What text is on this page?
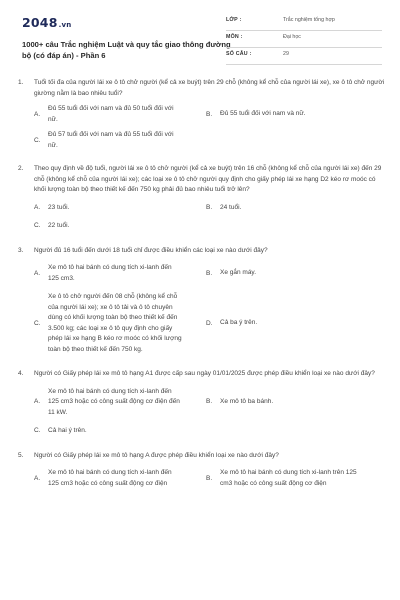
2048.vn
1000+ câu Trắc nghiệm Luật và quy tắc giao thông đường bộ (có đáp án) - Phần 6
LỚP :	Trắc nghiệm tổng hợp
MÔN :	Đại học
SỐ CÂU :	29
1. Tuổi tối đa của người lái xe ô tô chở người (kể cả xe buýt) trên 29 chỗ (không kể chỗ của người lái xe), xe ô tô chở người giường nằm là bao nhiêu tuổi?
A.
Đủ 55 tuổi đối với nam và đủ 50 tuổi đối với nữ.
B. Đủ 55 tuổi đối với nam và nữ.
C.
Đủ 57 tuổi đối với nam và đủ 55 tuổi đối với nữ.
2. Theo quy định về độ tuổi, người lái xe ô tô chở người (kể cả xe buýt) trên 16 chỗ (không kể chỗ của người lái xe) đến 29 chỗ (không kể chỗ của người lái xe); các loại xe ô tô chở người quy định cho giấy phép lái xe hạng D2 kéo rơ moóc có khối lượng toàn bộ theo thiết kế đến 750 kg phải đủ bao nhiêu tuổi trở lên?
A. 23 tuổi.	B. 24 tuổi.
C. 22 tuổi.
3. Người đủ 16 tuổi đến dưới 18 tuổi chỉ được điều khiển các loại xe nào dưới đây?
A.
Xe mô tô hai bánh có dung tích xi-lanh đến 125 cm3.
B. Xe gắn máy.
C.
Xe ô tô chở người đến 08 chỗ (không kể chỗ của người lái xe); xe ô tô tải và ô tô chuyên dùng có khối lượng toàn bộ theo thiết kế đến 3.500 kg; các loại xe ô tô quy định cho giấy phép lái xe hạng B kéo rơ moóc có khối lượng toàn bộ theo thiết kế đến 750 kg.
D. Cả ba ý trên.
4. Người có Giấy phép lái xe mô tô hạng A1 được cấp sau ngày 01/01/2025 được phép điều khiển loại xe nào dưới đây?
A.
Xe mô tô hai bánh có dung tích xi-lanh đến 125 cm3 hoặc có công suất động cơ điện đến 11 kW.
B. Xe mô tô ba bánh.
C. Cả hai ý trên.
5. Người có Giấy phép lái xe mô tô hạng A được phép điều khiển loại xe nào dưới đây?
A.
Xe mô tô hai bánh có dung tích xi-lanh đến 125 cm3 hoặc có công suất động cơ điện
B.
Xe mô tô hai bánh có dung tích xi-lanh trên 125 cm3 hoặc có công suất động cơ điện
